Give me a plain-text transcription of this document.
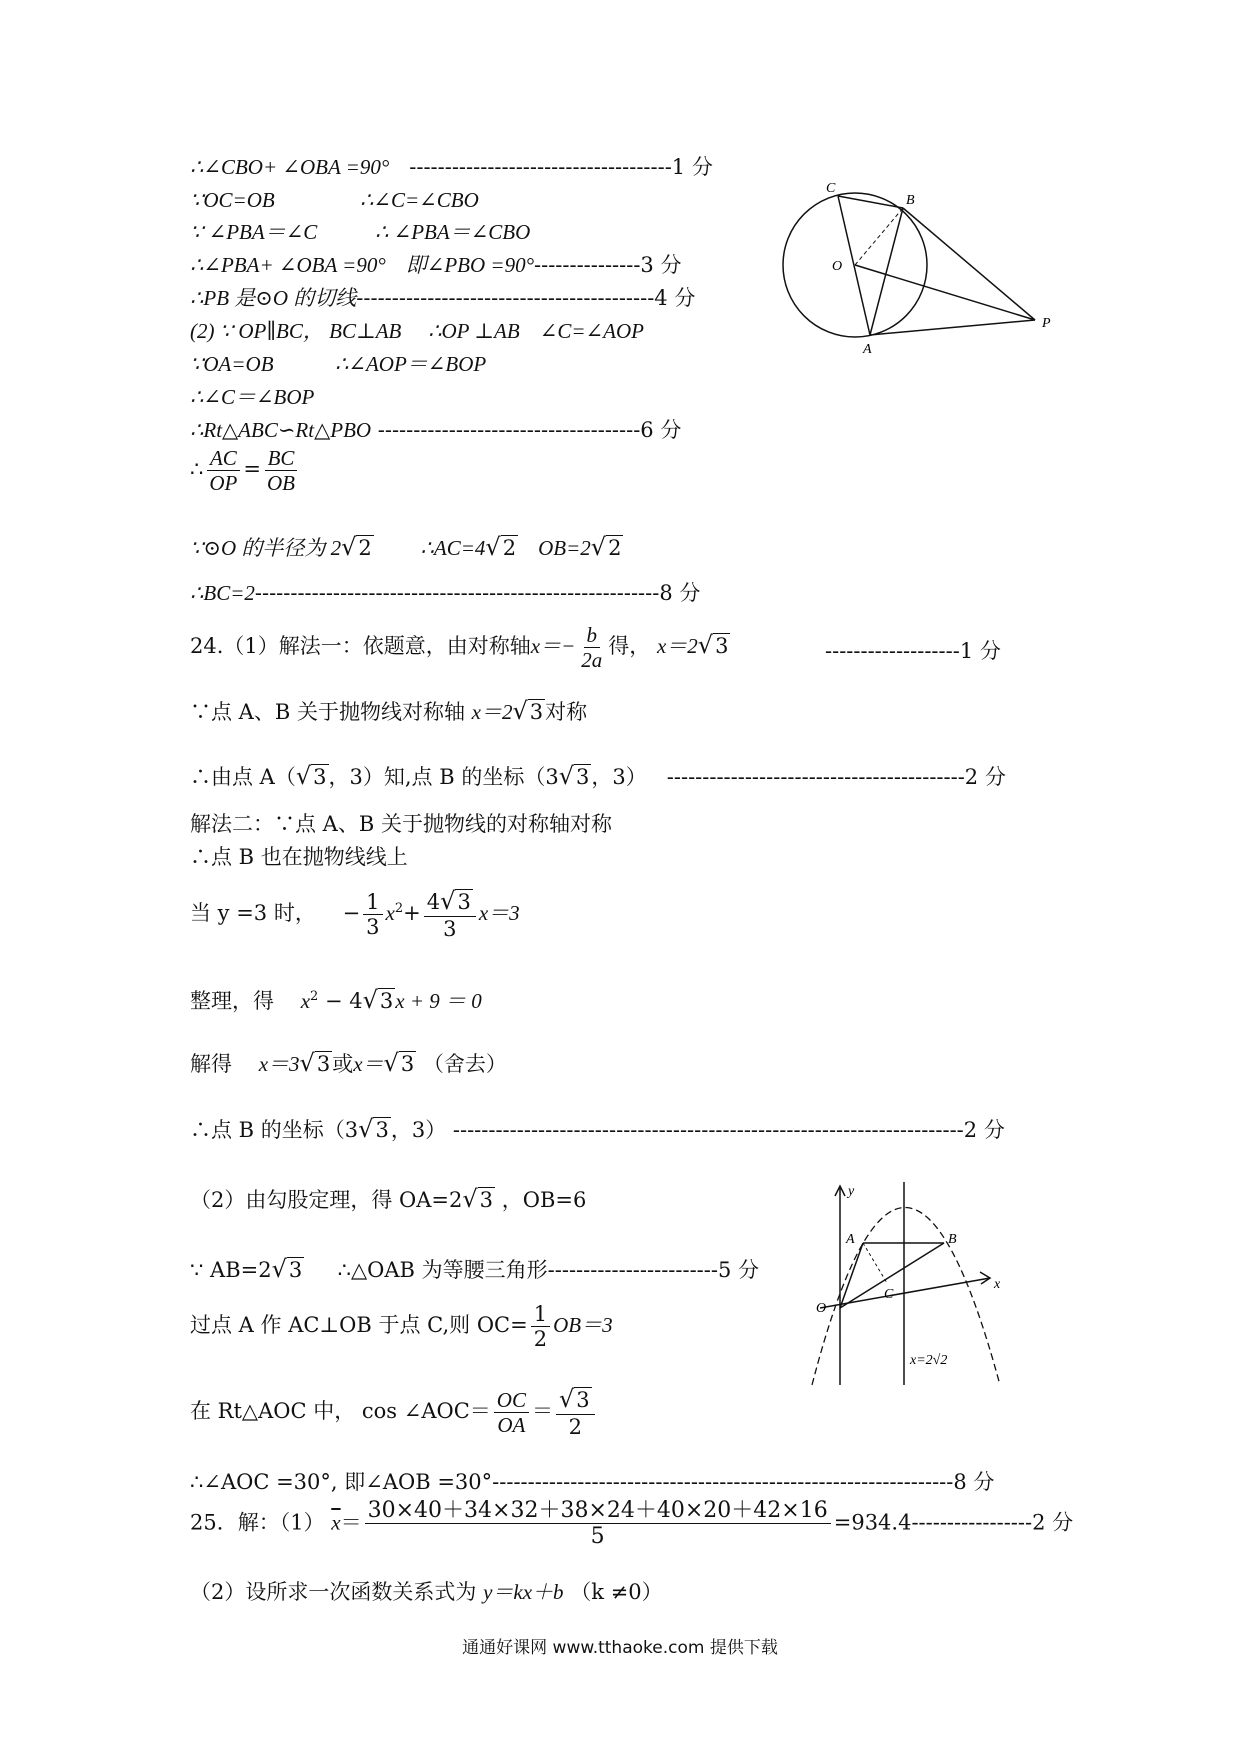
∴∠CBO+ ∠OBA =90° -------------------------------------1 分
∵OC=OB	∴∠C=∠CBO
∵ ∠PBA＝∠C	∴ ∠PBA＝∠CBO
∴∠PBA+ ∠OBA =90° 即∠PBO =90°---------------3 分
∴PB 是⊙O 的切线------------------------------------------4 分
(2) ∵ OP∥BC， BC⊥AB ∴OP ⊥AB ∠C=∠AOP
∵OA=OB	∴∠AOP＝∠BOP
∴∠C＝∠BOP
∴Rt△ABC∽Rt△PBO -------------------------------------6 分
∴ $\frac{AC}{OP} = \frac{BC}{OB}$
∵⊙O 的半径为 2√2 ∴AC=4√2 OB=2√2
∴BC=2---------------------------------------------------------8 分
C
B
O
A
P
24.（1）解法一：依题意，由对称轴$x=- \frac{b}{2a}$ 得， x＝2√3	-------------------1 分
∵点 A、B 关于抛物线对称轴 x＝2√3对称
∴由点 A（√3，3）知,点 B 的坐标（3√3，3） ------------------------------------------2 分
解法二：∵点 A、B 关于抛物线的对称轴对称
∴点 B 也在抛物线线上
当 y =3 时， − $\frac{1}{3} x^2+ \frac{4√3}{3} x=3$
整理，得 $x^2 - 4√3x + 9 = 0$
解得 x＝3√3或x＝√3 （舍去）
∴点 B 的坐标（3√3，3） ------------------------------------------------------------------------2 分
（2）由勾股定理，得 OA=2√3 ，OB=6
∵ AB=2√3 ∴△OAB 为等腰三角形------------------------5 分
过点 A 作 AC⊥OB 于点 C,则 $OC= \frac{1}{2} OB=3$
在 Rt△AOC 中， cos ∠AOC＝ $\frac{OC}{OA} = \frac{√3}{2}$
∴∠AOC =30°, 即∠AOB =30°-----------------------------------------------------------------8 分
y
x
A	B
C
O
x=2√2
25．解：（1） $\overline{x}= \frac{30\times 40+34\times 32+38\times 24+40\times 20+42\times 16}{5} =934.4-----------------2$ 分
（2）设所求一次函数关系式为 y＝kx＋b （k ≠0）
通通好课网 www.tthaoke.com 提供下载
